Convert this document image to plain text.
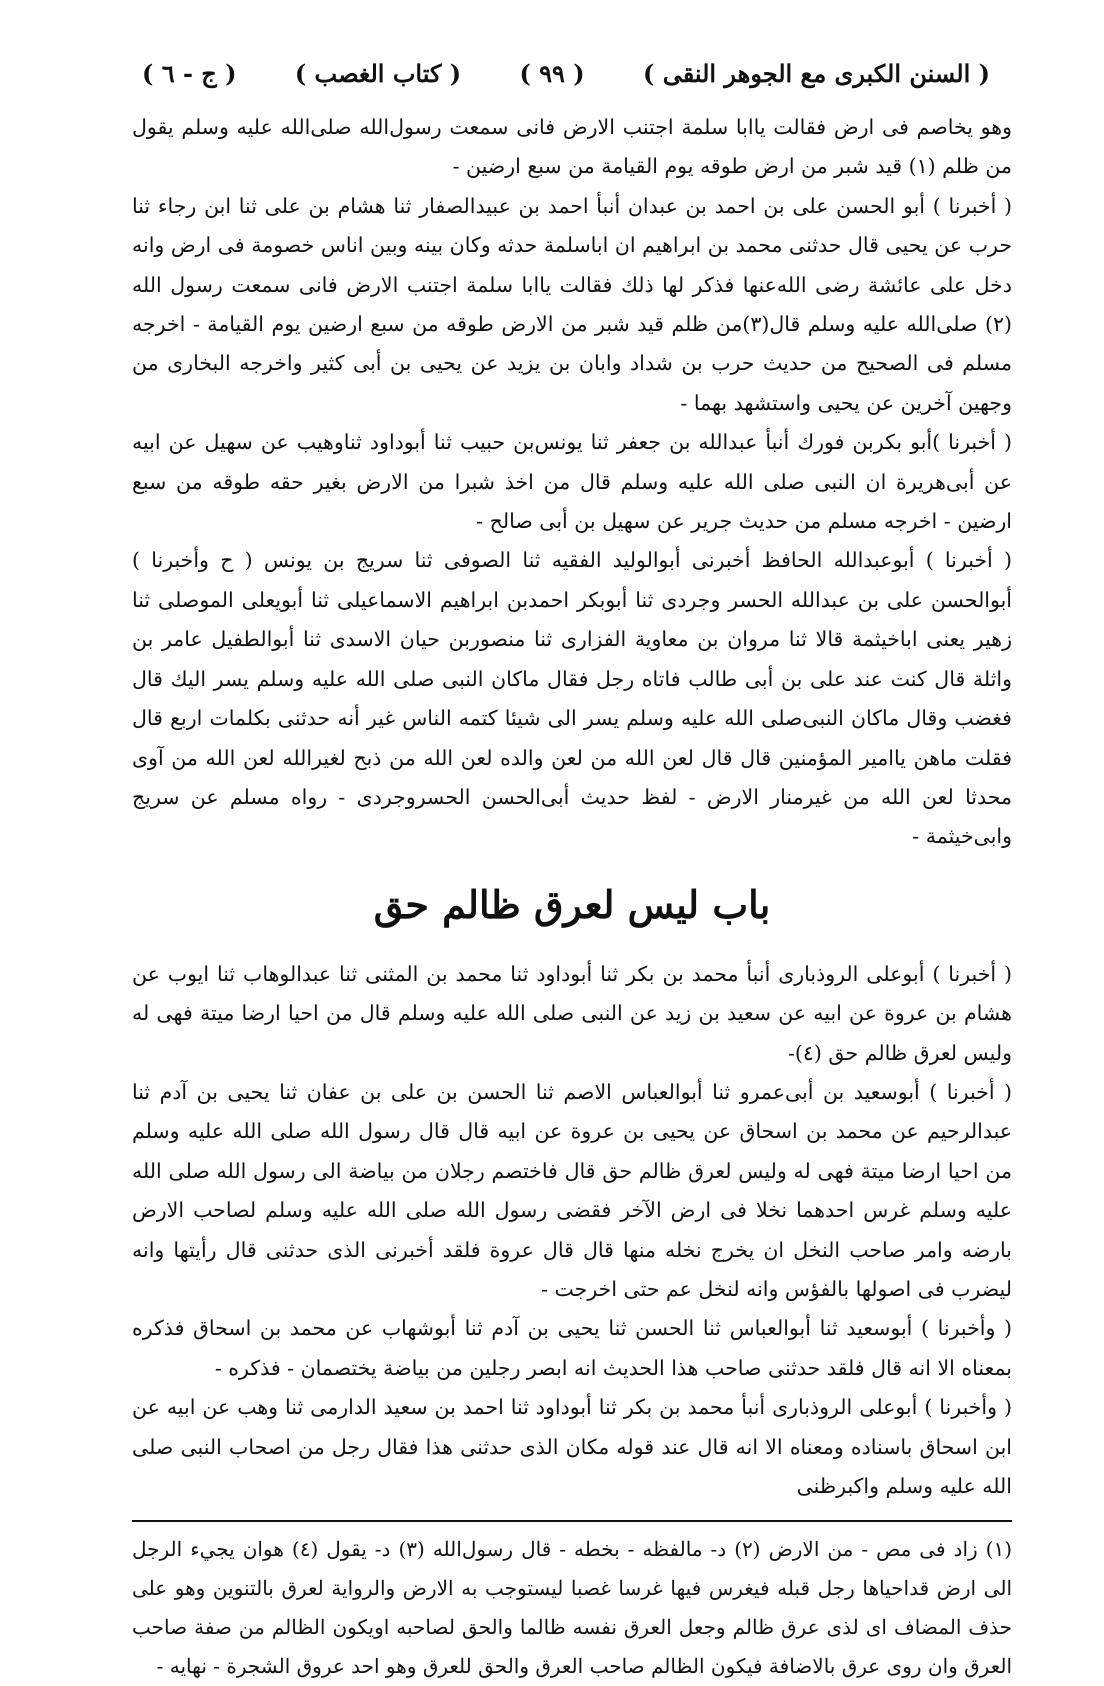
( السنن الكبرى مع الجوهر النقى )
( ٩٩ )
( كتاب الغصب )
( ج - ٦ )

وهو يخاصم فى ارض فقالت ياابا سلمة اجتنب الارض فانى سمعت رسول‌الله صلى‌الله عليه وسلم يقول من ظلم (١) قيد شبر من ارض طوقه يوم القيامة من سبع ارضين -

( أخبرنا ) أبو الحسن على بن احمد بن عبدان أنبأ احمد بن عبيدالصفار ثنا هشام بن على ثنا ابن رجاء ثنا حرب عن يحيى قال حدثنى محمد بن ابراهيم ان اباسلمة حدثه وكان بينه وبين اناس خصومة فى ارض وانه دخل على عائشة رضى الله‌عنها فذكر لها ذلك فقالت ياابا سلمة اجتنب الارض فانى سمعت رسول الله (٢) صلى‌الله عليه وسلم قال(٣)من ظلم قيد شبر من الارض طوقه من سبع ارضين يوم القيامة - اخرجه مسلم فى الصحيح من حديث حرب بن شداد وابان بن يزيد عن يحيى بن أبى كثير واخرجه البخارى من وجهين آخرين عن يحيى واستشهد بهما -

( أخبرنا )أبو بكربن فورك أنبأ عبدالله بن جعفر ثنا يونس‌بن حبيب ثنا أبوداود ثناوهيب عن سهيل عن ابيه عن أبى‌هريرة ان النبى صلى الله عليه وسلم قال من اخذ شبرا من الارض بغير حقه طوقه من سبع ارضين - اخرجه مسلم من حديث جرير عن سهيل بن أبى صالح -

( أخبرنا ) أبوعبدالله الحافظ أخبرنى أبوالوليد الفقيه ثنا الصوفى ثنا سريج بن يونس ( ح وأخبرنا ) أبوالحسن على بن عبدالله الحسر وجردى ثنا أبوبكر احمدبن ابراهيم الاسماعيلى ثنا أبويعلى الموصلى ثنا زهير يعنى اباخيثمة قالا ثنا مروان بن معاوية الفزارى ثنا منصوربن حيان الاسدى ثنا أبوالطفيل عامر بن واثلة قال كنت عند على بن أبى طالب فاتاه رجل فقال ماكان النبى صلى الله عليه وسلم يسر اليك قال فغضب وقال ماكان النبى‌صلى الله عليه وسلم يسر الى شيئا كتمه الناس غير أنه حدثنى بكلمات اربع قال فقلت ماهن ياامير المؤمنين قال قال لعن الله من لعن والده لعن الله من ذبح لغيرالله لعن الله من آوى محدثا لعن الله من غيرمنار الارض - لفظ حديث أبى‌الحسن الحسروجردى - رواه مسلم عن سريج وابى‌خيثمة -

باب ليس لعرق ظالم حق

( أخبرنا ) أبوعلى الروذبارى أنبأ محمد بن بكر ثنا أبوداود ثنا محمد بن المثنى ثنا عبدالوهاب ثنا ايوب عن هشام بن عروة عن ابيه عن سعيد بن زيد عن النبى صلى الله عليه وسلم قال من احيا ارضا ميتة فهى له وليس لعرق ظالم حق (٤)-

( أخبرنا ) أبوسعيد بن أبى‌عمرو ثنا أبوالعباس الاصم ثنا الحسن بن على بن عفان ثنا يحيى بن آدم ثنا عبدالرحيم عن محمد بن اسحاق عن يحيى بن عروة عن ابيه قال قال رسول الله صلى الله عليه وسلم من احيا ارضا ميتة فهى له وليس لعرق ظالم حق قال فاختصم رجلان من بياضة الى رسول الله صلى الله عليه وسلم غرس احدهما نخلا فى ارض الآخر فقضى رسول الله صلى الله عليه وسلم لصاحب الارض بارضه وامر صاحب النخل ان يخرج نخله منها قال قال عروة فلقد أخبرنى الذى حدثنى قال رأيتها وانه ليضرب فى اصولها بالفؤس وانه لنخل عم حتى اخرجت -

( وأخبرنا ) أبوسعيد ثنا أبوالعباس ثنا الحسن ثنا يحيى بن آدم ثنا أبوشهاب عن محمد بن اسحاق فذكره بمعناه الا انه قال فلقد حدثنى صاحب هذا الحديث انه ابصر رجلين من بياضة يختصمان - فذكره -

( وأخبرنا ) أبوعلى الروذبارى أنبأ محمد بن بكر ثنا أبوداود ثنا احمد بن سعيد الدارمى ثنا وهب عن ابيه عن ابن اسحاق باسناده ومعناه الا انه قال عند قوله مكان الذى حدثنى هذا فقال رجل من اصحاب النبى صلى الله عليه وسلم واكبرظنى

(١) زاد فى مص - من الارض (٢) د- مالفظه - بخطه - قال رسول‌الله (٣) د- يقول (٤) هوان يجيء الرجل الى ارض قداحياها رجل قبله فيغرس فيها غرسا غصبا ليستوجب به الارض والرواية لعرق بالتنوين وهو على حذف المضاف اى لذى عرق ظالم وجعل العرق نفسه ظالما والحق لصاحبه اويكون الظالم من صفة صاحب العرق وان روى عرق بالاضافة فيكون الظالم صاحب العرق والحق للعرق وهو احد عروق الشجرة - نهايه -
